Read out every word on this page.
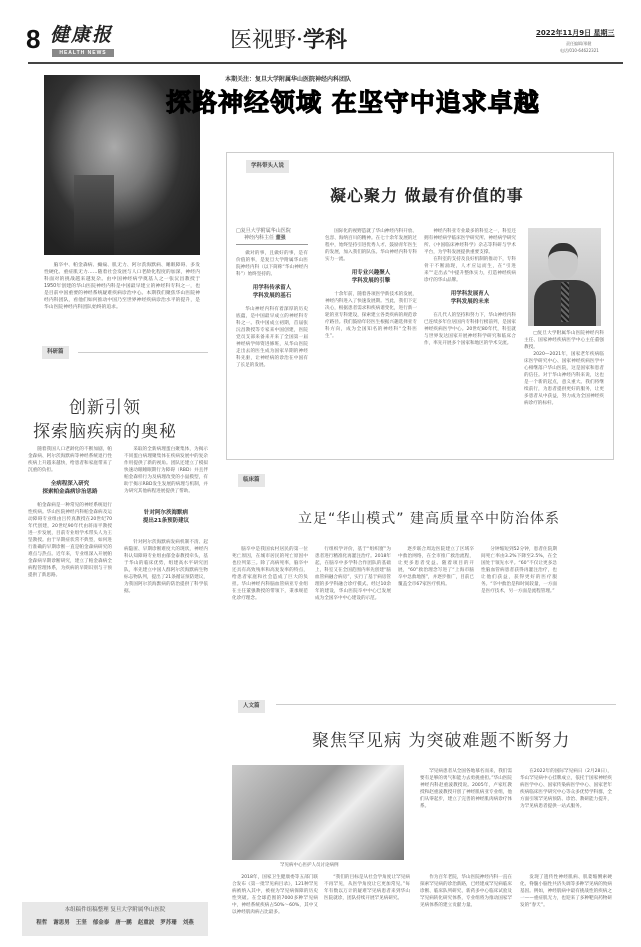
8 健康报
HEALTH NEWS	医视野·学科	2022年11月9日 星期三
责任编辑/邢健
电话/010-64622321
本期关注：复旦大学附属华山医院神经内科团队
探路神经领域 在坚守中追求卓越

脑卒中、帕金森病、癫痫、肌无力、阿尔茨海默病、睡眠障碍、多发性硬化、重症肌无力……随着社会发展与人口老龄化程度的加深，神经内科面对的挑战越来越复杂。由中国神经病学奠基人之一张沅昌教授于1950年创建的华山医院神经内科是中国最早建立的神经科专科之一，也是目前中国重要的神经系统疑难疾病诊治中心。本期我们聚焦华山医院神经内科团队，看他们如何推动中国乃至世界神经疾病诊治水平的提升，是华山医院神经内科团队始终的追求。

学科带头人说
凝心聚力 做最有价值的事
□复旦大学附属华山医院
神经内科主任 董强

做对的事，且做好的事，是有价值的事，是复旦大学附属华山医院神经内科（以下简称“华山神经内科”）始终坚持的。

用学科传承留人
学科发展的基石

华山神经内科有着深厚的历史底蕴，是中国最早成立的神经科专科之一。我中国成立初期，首届张沅昌教授等专家来中国创建，医院党员支部来备来开来了全国第一届神经病学师资进修班，从华山医院走出去的医生成为国家早期的神经科先驱，让神经病的诊治在中国有了长足的发展。

国际化的视野造就了华山神经内科开放、包容、海纳百川的精神。在七十余年发展的过程中，始终坚持引进优秀人才、鼓励青年医生的发展，加入我们的队伍。华山神经内科专科实力一流。

用专业兴趣聚人
学科发展的引擎

十余年前，随着各项医学新技术的发展，神经内科进入了快速发展期。当此，我们下定决心，根据患者需求和疾病谱变化，进行新一轮的亚专科建设，探索建立各类疾病的规范诊疗路径。我们鼓励年轻医生根据兴趣选择亚专科方向，成为全国知名的神经科“全科医生”。

神经内科亚专业最多的科室之一，科室还拥有神经病学临床医学研究所、神经病学研究所、《中国临床神经科学》杂志等科研与学术平台，为学科发展提供重要支撑。

在科室的支持及良好机制的推动下，专科骨干不断涌现，人才应运而生，在“引进来”“走出去”中提升整体实力，打造神经疾病诊疗的华山品牌。

用学科发展育人
学科发展的未来

在几代人的坚持和努力下，华山神经内科已连续多年位居国内专科排行榜前列，是国家神经疾病医学中心。20世纪80年代，科室就与世界发达国家开展神经科学研究和临床合作，率先开展多个国家和地区的学术交流。

□复旦大学附属华山医院神经内科主任、国家神经疾病医学中心主任董强教授。

2020—2021年，国家老年疾病临床医学研究中心、国家神经疾病医学中心相继落户华山医院，这是国家和患者的信任。对于华山神经内科来说，这也是一个新的起点，意义重大。我们将继续前行，为患者提供更好的服务，让更多患者从中获益，努力成为全国神经疾病诊疗的标杆。

科研篇
创新引领
探索脑疾病的奥秘

随着我国人口老龄化的不断加剧，帕金森病、阿尔茨海默病等神经系统退行性疾病上升越来越快，给患者和家庭带来了沉重的负担。

全病程深入研究
探索帕金森病诊治思路

帕金森病是一种常见的神经系统退行性疾病。华山医院神经内科帕金森病及运动障碍专业组由吕传真教授在20世纪70年代创建，20世纪90年代由蒋雨平教授进一步发展，目前专业组学术带头人为王坚教授。由于早期症状常不典型，如何进行准确的早期诊断一直是帕金森病研究的难点与热点。近年来，专业组深入开展帕金森病早期诊断研究，建立了帕金森病全病程管理体系，为疾病的早期识别与干预提供了新思路。

采取的全新病理蛋白聚集体，为揭示不同蛋白病理聚集体在疾病发展中的复杂作用提供了新的视角。团队还建立了模拟快速动眼睡眠期行为障碍（RBD）并且伴帕金森样行为及病理改变的小鼠模型，有助于揭示RBD发生发展的病理与机制，并为研究其他病程进展提供了帮助。

针对阿尔茨海默病
提出21条预防建议

针对阿尔茨海默病发病机制不清、起病隐匿、早期诊断难度大的现状，神经内科认知障碍专业组由郁金泰教授牵头，基于华山的临床优势，组建高水平研究团队，率先建立中国人群阿尔茨海默病生物标志物队列，提出了21条循证预防建议，为我国阿尔茨海默病的防治提供了科学依据。

临床篇
立足“华山模式” 建高质量卒中防治体系

脑卒中是我国农村居民的第一位死亡原因，在城市居民的死亡原因中也位列第三。除了高病死率，脑卒中还具有高致残率和高复发率的特点，给患者家庭和社会造成了巨大的负担。华山神经内科脑血管病亚专业组在主任董强教授的带领下，秉承规范化诊疗理念。

行组织学评价，基于“组织窗”为患者进行精准化再灌注治疗。2018年起，在脑卒中多学科合作团队的基础上，科室又在全国范围内率先创建“脑血管病融合病房”，实行了基于病房管理的多学科融合诊疗模式。经过10余年的建设，华山医院卒中中心已发展成为全国卒中中心建设的示范。

逐步联合周边医院建立了区域卒中救治网络，在全市推广救治流程，让更多患者受益。随着项目的开展，“60”救治理念写进了“上海市脑卒中急救地图”，并逐步推广，目前已覆盖全市67家医疗机构。

分钟缩短到52分钟，患者住院期间死亡率由3.2%下降至2.5%，在全国处于领先水平。“60”不仅让更多急性脑血管病患者获得再灌注治疗，也让他们获益，获得更好的医疗服务。“卒中救治是和时间较量，一方面是医疗技术，另一方面是流程管理。”

人文篇
聚焦罕见病 为突破难题不断努力
罕见病中心医护人员讨论病例

罕见病患者从全国各地慕名而来，我们需要有足够的勇气和能力去勇挑重担。”华山医院神经内科赵重波教授说。2005年，卢家红教授和赵重波教授开创了神经肌病亚专业组，他们从零起步，建立了完善的神经肌肉病诊疗体系。

在2022年的国际罕见病日（2月28日），华山罕见病中心挂牌成立，依托于国家神经疾病医学中心、国家传染病医学中心、国家老年疾病临床医学研究中心等众多优势学科群，全方面引领罕见病预防、诊治、教研能力提升，为罕见病患者提供一站式服务。

2018年，国家卫生健康委等五部门联合发布《第一批罕见病目录》，121种罕见病被纳入其中，被视为罕见病保障的历史性突破。在全球范围的7000多种罕见病中，神经系统疾病占50%～60%，其中又以神经肌肉病占比最多。

“我们的目标是从社会学角度让罕见病不再罕见，从医学角度让它更加常见。”每年有数以万计的疑难罕见病患者来到华山医院就诊，团队持续开展罕见病研究。

作为百年老院，华山医院神经内科一直在探索罕见病的诊治新路，已经建成罕见病临床诊断、临床队列研究、新药多中心临床试验及罕见病转化研究体系，专业组将为推动国家罕见病体系的建立贡献力量。

发现了遗传性神经肌病、肌萎缩侧索硬化、脊髓小脑性共济失调等多种罕见病的致病基因。例如，神经肌病中最有挑战性的疾病之一——重症肌无力，也迎来了多种靶向药物研发的“春天”。

本组稿件组稿整理 复旦大学附属华山医院
程哲 谢思男 王坚 郁金泰 唐一鹏 赵重波 罗苏珊 刘燕
